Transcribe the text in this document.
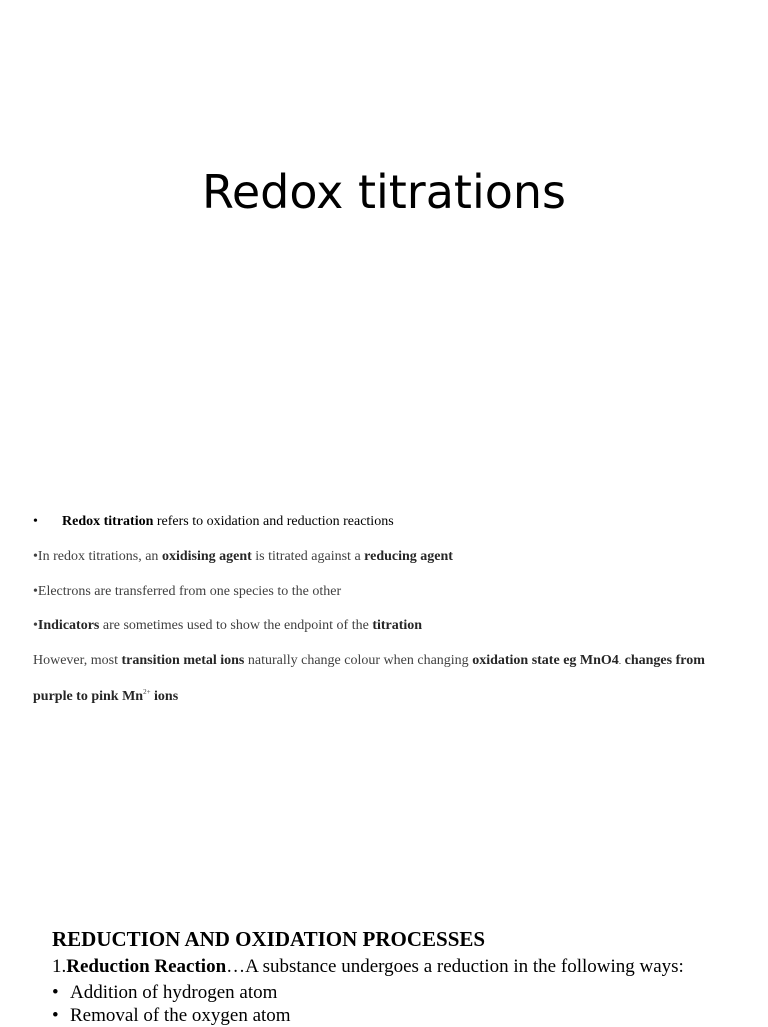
Redox titrations
• Redox titration refers to oxidation and reduction reactions
•In redox titrations, an oxidising agent is titrated against a reducing agent
•Electrons are transferred from one species to the other
•Indicators are sometimes used to show the endpoint of the titration
However, most transition metal ions naturally change colour when changing oxidation state eg $MnO4_-$ changes from
purple to pink $Mn^{2+}$ ions
REDUCTION AND OXIDATION PROCESSES
1.Reduction Reaction…A substance undergoes a reduction in the following ways:
• Addition of hydrogen atom
• Removal of the oxygen atom
